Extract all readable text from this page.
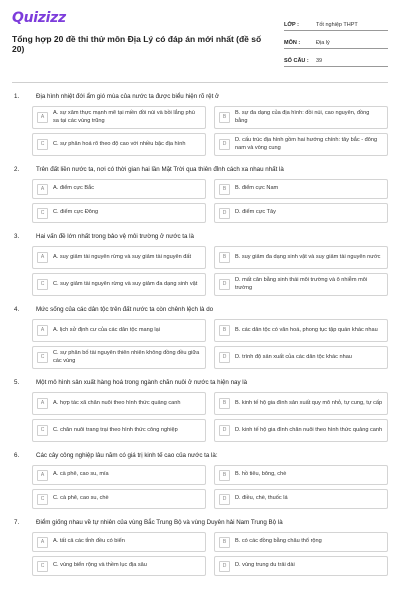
Quizizz
Tổng hợp 20 đề thi thử môn Địa Lý có đáp án mới nhất (đề số 20)
LỚP :	Tốt nghiệp THPT
MÔN :	Địa lý
SỐ CÂU :	39
1.	Địa hình nhiệt đới ẩm gió mùa của nước ta được biểu hiện rõ rệt ở
A
A. sự xâm thực mạnh mẽ tại miền đồi núi và bồi lắng phù sa tại các vùng trũng
B
B. sự đa dạng của địa hình: đồi núi, cao nguyên, đồng bằng
C	C. sự phân hoá rõ theo độ cao với nhiều bậc địa hình	D
D. cấu trúc địa hình gồm hai hướng chính: tây bắc - đông nam và vòng cung
2.	Trên đất liền nước ta, nơi có thời gian hai lần Mặt Trời qua thiên đỉnh cách xa nhau nhất là
A	A. điểm cực Bắc	B	B. điểm cực Nam
C	C. điểm cực Đông	D	D. điểm cực Tây
3.	Hai vấn đề lớn nhất trong bảo vệ môi trường ở nước ta là
A	A. suy giảm tài nguyên rừng và suy giảm tài nguyên đất	B	B. suy giảm đa dạng sinh vật và suy giảm tài nguyên nước
C	C. suy giảm tài nguyên rừng và suy giảm đa dạng sinh vật	D
D. mất cân bằng sinh thái môi trường và ô nhiễm môi trường
4.	Mức sống của các dân tộc trên đất nước ta còn chênh lệch là do
A	A. lịch sử định cư của các dân tộc mang lại	B	B. các dân tộc có văn hoá, phong tục tập quán khác nhau
C
C. sự phân bố tài nguyên thiên nhiên không đồng đều giữa các vùng
D	D. trình độ sản xuất của các dân tộc khác nhau
5.	Một mô hình sản xuất hàng hoá trong ngành chăn nuôi ở nước ta hiện nay là
A	A. hợp tác xã chăn nuôi theo hình thức quảng canh	B	B. kinh tế hộ gia đình sản xuất quy mô nhỏ, tự cung, tự cấp
C	C. chăn nuôi trang trại theo hình thức công nghiệp	D	D. kinh tế hộ gia đình chăn nuôi theo hình thức quảng canh
6.	Các cây công nghiệp lâu năm có giá trị kinh tế cao của nước ta là:
A	A. cà phê, cao su, mía	B	B. hồ tiêu, bông, chè
C	C. cà phê, cao su, chè	D	D. điều, chè, thuốc lá
7.	Điểm giống nhau về tự nhiên của vùng Bắc Trung Bộ và vùng Duyên hải Nam Trung Bộ là
A	A. tất cả các tỉnh đều có biển	B	B. có các đồng bằng châu thổ rộng
C	C. vùng biển rộng và thềm lục địa sâu	D	D. vùng trung du trải dài
